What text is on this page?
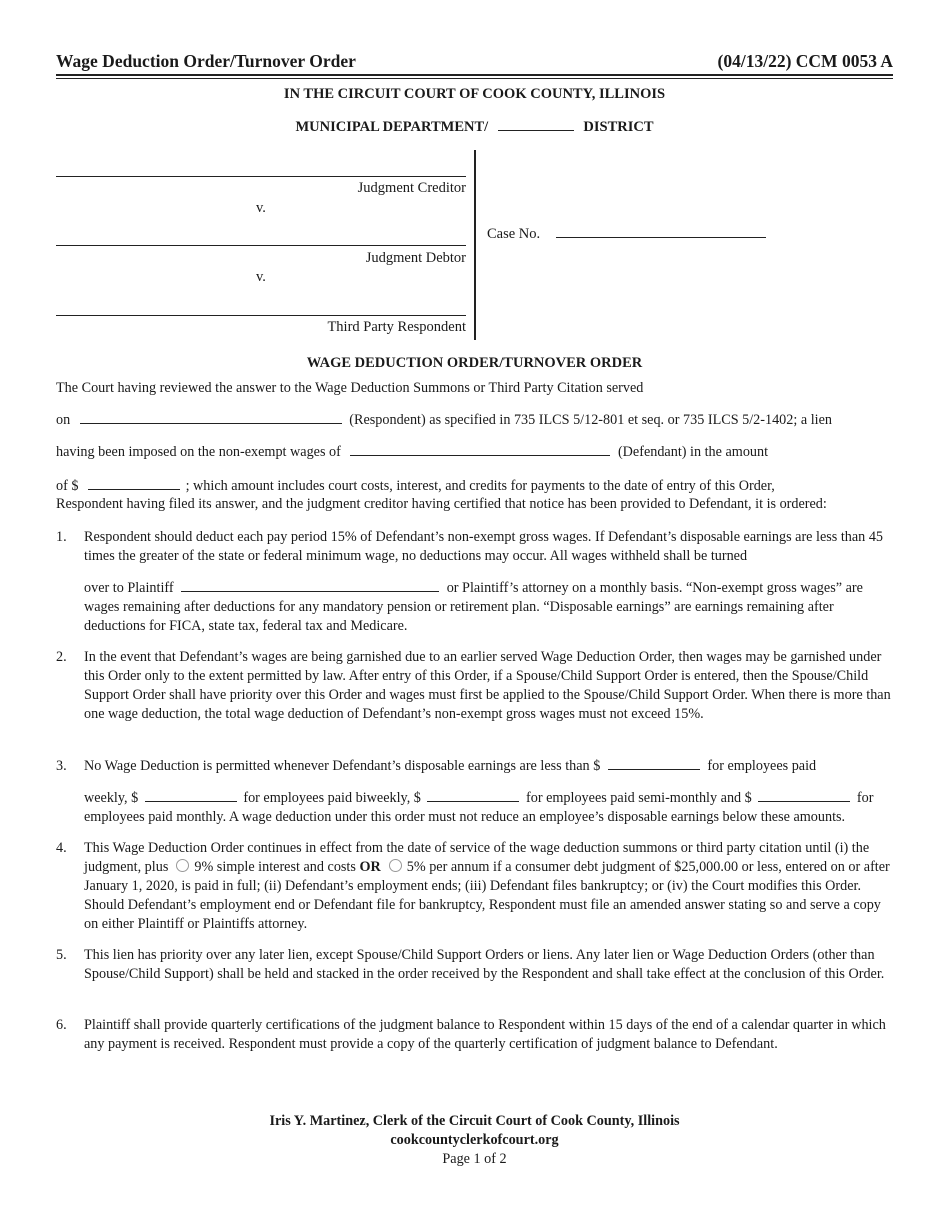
Wage Deduction Order/Turnover Order	(04/13/22) CCM 0053 A
IN THE CIRCUIT COURT OF COOK COUNTY, ILLINOIS
MUNICIPAL DEPARTMENT/	DISTRICT
Judgment Creditor
v.
Judgment Debtor
v.
Third Party Respondent
Case No.
WAGE DEDUCTION ORDER/TURNOVER ORDER
The Court having reviewed the answer to the Wage Deduction Summons or Third Party Citation served
on	(Respondent) as specified in 735 ILCS 5/12-801 et seq. or 735 ILCS 5/2-1402; a lien
having been imposed on the non-exempt wages of	(Defendant) in the amount
of $	; which amount includes court costs, interest, and credits for payments to the date of entry of this Order,
Respondent having filed its answer, and the judgment creditor having certified that notice has been provided to Defendant, it is ordered:
1. Respondent should deduct each pay period 15% of Defendant’s non-exempt gross wages. If Defendant’s disposable earnings are less than 45 times the greater of the state or federal minimum wage, no deductions may occur. All wages withheld shall be turned
over to Plaintiff	or Plaintiff’s attorney on a monthly basis. “Non-exempt gross wages” are wages remaining after deductions for any mandatory pension or retirement plan. “Disposable earnings” are earnings remaining after deductions for FICA, state tax, federal tax and Medicare.
2. In the event that Defendant’s wages are being garnished due to an earlier served Wage Deduction Order, then wages may be garnished under this Order only to the extent permitted by law. After entry of this Order, if a Spouse/Child Support Order is entered, then the Spouse/Child Support Order shall have priority over this Order and wages must first be applied to the Spouse/Child Support Order. When there is more than one wage deduction, the total wage deduction of Defendant’s non-exempt gross wages must not exceed 15%.
3. No Wage Deduction is permitted whenever Defendant’s disposable earnings are less than $	for employees paid
weekly, $	for employees paid biweekly, $	for employees paid semi-monthly and $	for
employees paid monthly. A wage deduction under this order must not reduce an employee’s disposable earnings below these amounts.
4. This Wage Deduction Order continues in effect from the date of service of the wage deduction summons or third party citation until (i) the judgment, plus 9% simple interest and costs OR 5% per annum if a consumer debt judgment of $25,000.00 or less, entered on or after January 1, 2020, is paid in full; (ii) Defendant’s employment ends; (iii) Defendant files bankruptcy; or (iv) the Court modifies this Order. Should Defendant’s employment end or Defendant file for bankruptcy, Respondent must file an amended answer stating so and serve a copy on either Plaintiff or Plaintiffs attorney.
5. This lien has priority over any later lien, except Spouse/Child Support Orders or liens. Any later lien or Wage Deduction Orders (other than Spouse/Child Support) shall be held and stacked in the order received by the Respondent and shall take effect at the conclusion of this Order.
6. Plaintiff shall provide quarterly certifications of the judgment balance to Respondent within 15 days of the end of a calendar quarter in which any payment is received. Respondent must provide a copy of the quarterly certification of judgment balance to Defendant.
Iris Y. Martinez, Clerk of the Circuit Court of Cook County, Illinois
cookcountyclerkofcourt.org
Page 1 of 2
